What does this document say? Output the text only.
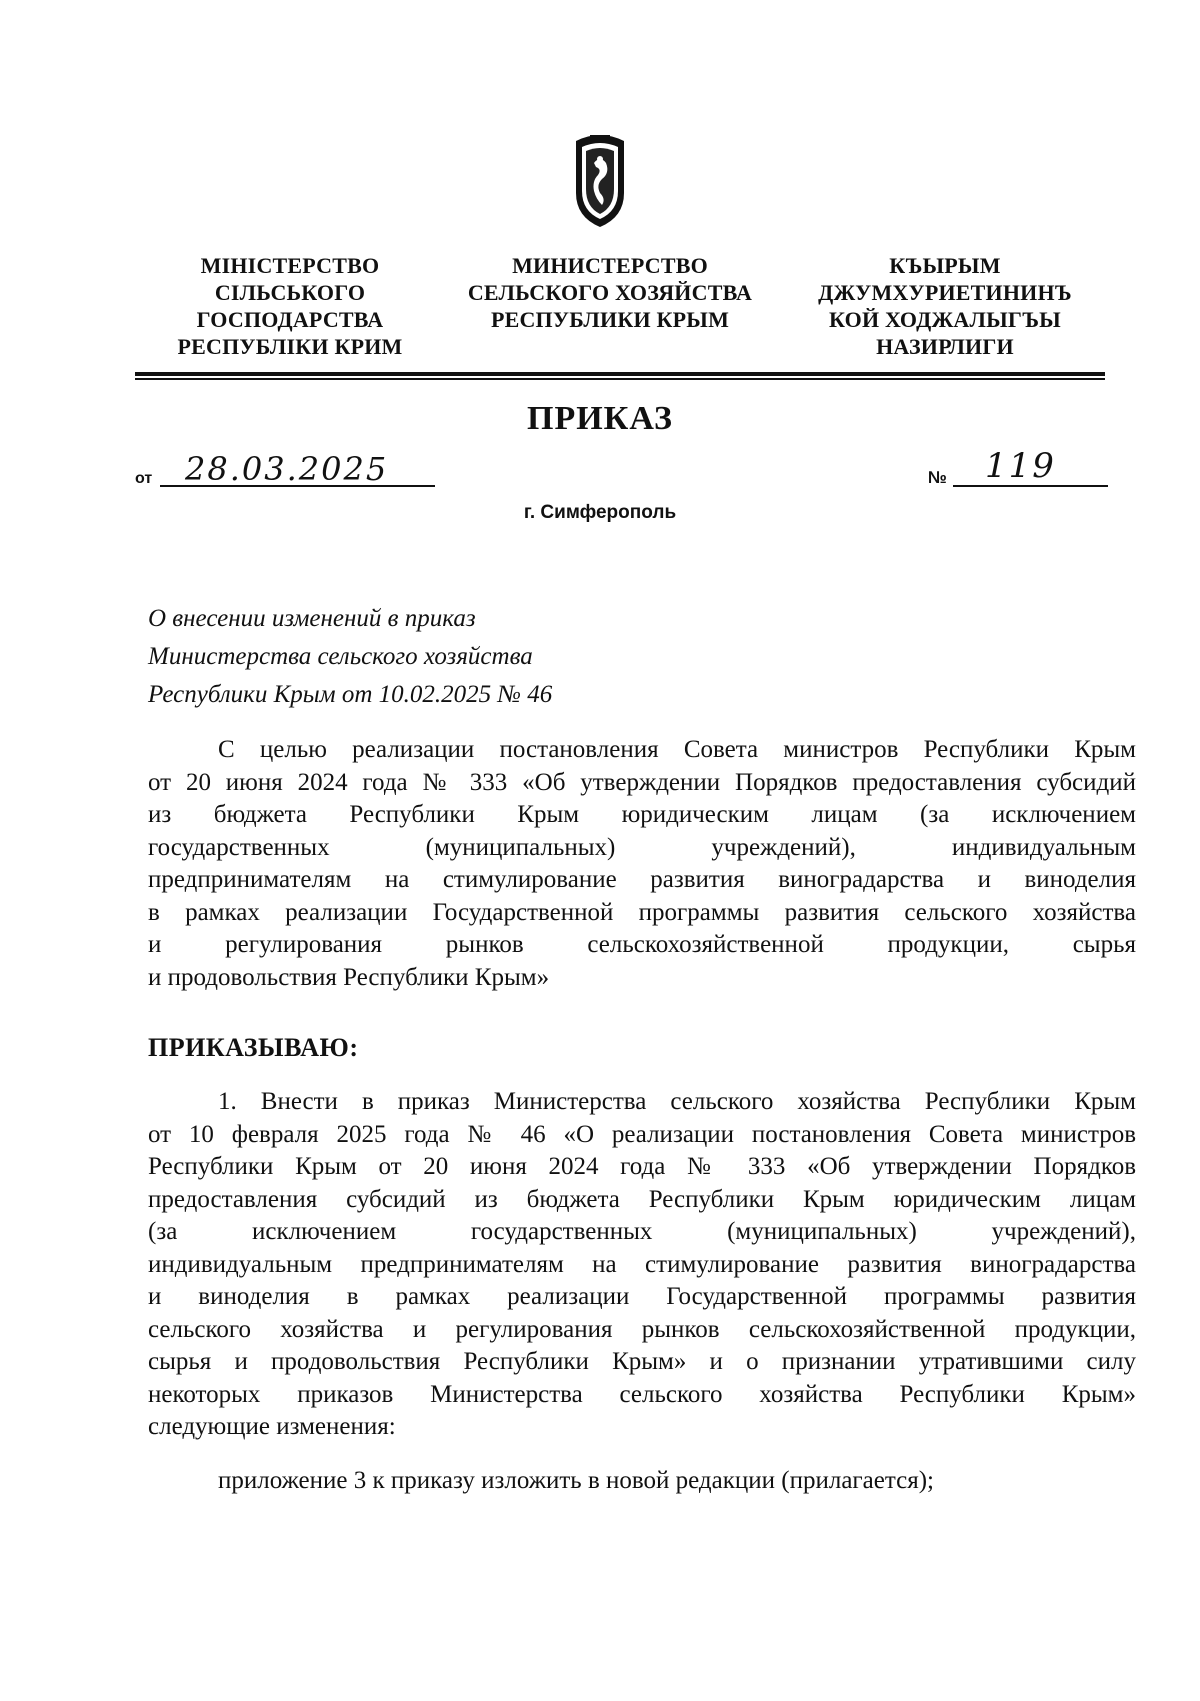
МІНІСТЕРСТВО
СІЛЬСЬКОГО
ГОСПОДАРСТВА
РЕСПУБЛІКИ КРИМ
МИНИСТЕРСТВО
СЕЛЬСКОГО ХОЗЯЙСТВА
РЕСПУБЛИКИ КРЫМ
КЪЫРЫМ
ДЖУМХУРИЕТИНИНЪ
КОЙ ХОДЖАЛЫГЪЫ
НАЗИРЛИГИ
ПРИКАЗ
от 28.03.2025	№ 119
г. Симферополь
О внесении изменений в приказ
Министерства сельского хозяйства
Республики Крым от 10.02.2025 № 46
С целью реализации постановления Совета министров Республики Крым
от 20 июня 2024 года № 333 «Об утверждении Порядков предоставления субсидий
из бюджета Республики Крым юридическим лицам (за исключением
государственных (муниципальных) учреждений), индивидуальным
предпринимателям на стимулирование развития виноградарства и виноделия
в рамках реализации Государственной программы развития сельского хозяйства
и регулирования рынков сельскохозяйственной продукции, сырья
и продовольствия Республики Крым»
ПРИКАЗЫВАЮ:
1. Внести в приказ Министерства сельского хозяйства Республики Крым
от 10 февраля 2025 года № 46 «О реализации постановления Совета министров
Республики Крым от 20 июня 2024 года № 333 «Об утверждении Порядков
предоставления субсидий из бюджета Республики Крым юридическим лицам
(за исключением государственных (муниципальных) учреждений),
индивидуальным предпринимателям на стимулирование развития виноградарства
и виноделия в рамках реализации Государственной программы развития
сельского хозяйства и регулирования рынков сельскохозяйственной продукции,
сырья и продовольствия Республики Крым» и о признании утратившими силу
некоторых приказов Министерства сельского хозяйства Республики Крым»
следующие изменения:
приложение 3 к приказу изложить в новой редакции (прилагается);
